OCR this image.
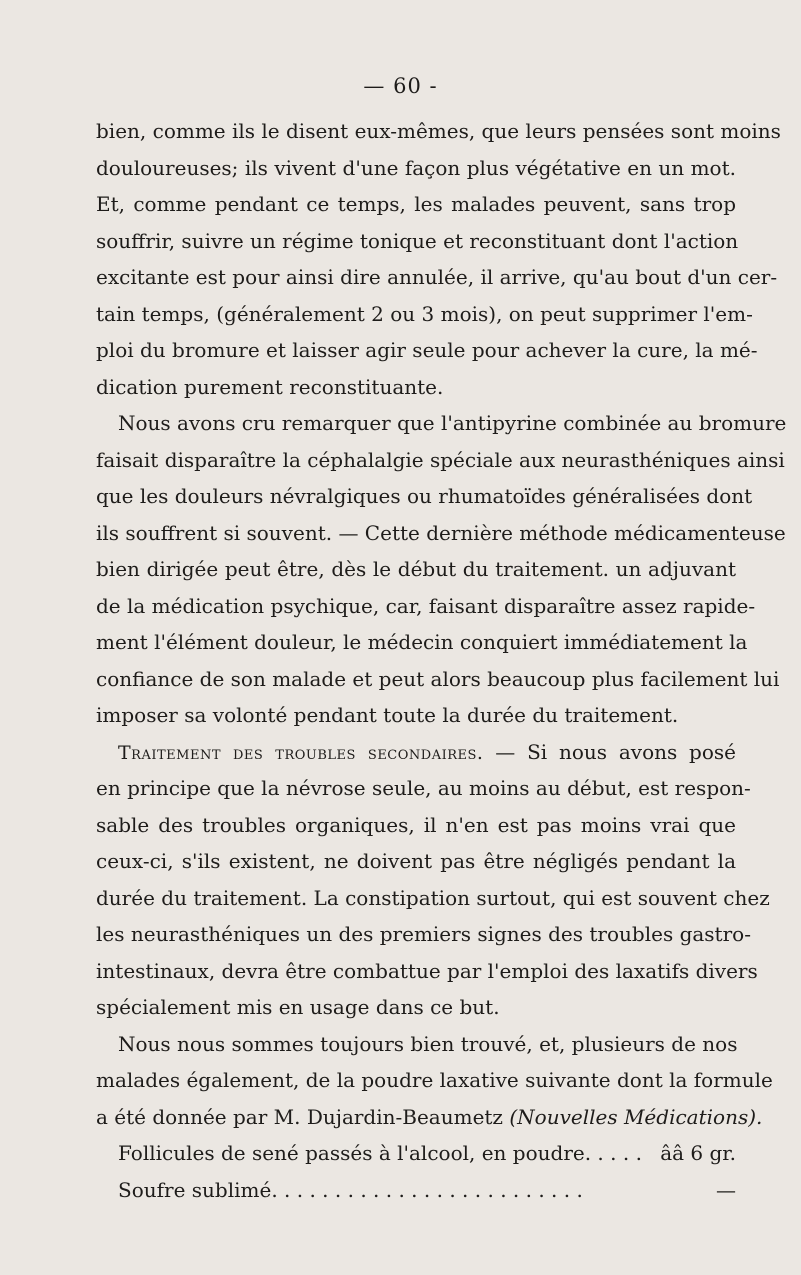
— 60 -
bien, comme ils le disent eux-mêmes, que leurs pensées sont moins
douloureuses; ils vivent d'une façon plus végétative en un mot.
Et, comme pendant ce temps, les malades peuvent, sans trop
souffrir, suivre un régime tonique et reconstituant dont l'action
excitante est pour ainsi dire annulée, il arrive, qu'au bout d'un cer-
tain temps, (généralement 2 ou 3 mois), on peut supprimer l'em-
ploi du bromure et laisser agir seule pour achever la cure, la mé-
dication purement reconstituante.
Nous avons cru remarquer que l'antipyrine combinée au bromure
faisait disparaître la céphalalgie spéciale aux neurasthéniques ainsi
que les douleurs névralgiques ou rhumatoïdes généralisées dont
ils souffrent si souvent. — Cette dernière méthode médicamenteuse
bien dirigée peut être, dès le début du traitement. un adjuvant
de la médication psychique, car, faisant disparaître assez rapide-
ment l'élément douleur, le médecin conquiert immédiatement la
confiance de son malade et peut alors beaucoup plus facilement lui
imposer sa volonté pendant toute la durée du traitement.
Traitement des troubles secondaires. — Si nous avons posé
en principe que la névrose seule, au moins au début, est respon-
sable des troubles organiques, il n'en est pas moins vrai que
ceux-ci, s'ils existent, ne doivent pas être négligés pendant la
durée du traitement. La constipation surtout, qui est souvent chez
les neurasthéniques un des premiers signes des troubles gastro-
intestinaux, devra être combattue par l'emploi des laxatifs divers
spécialement mis en usage dans ce but.
Nous nous sommes toujours bien trouvé, et, plusieurs de nos
malades également, de la poudre laxative suivante dont la formule
a été donnée par M. Dujardin-Beaumetz (Nouvelles Médications).
Follicules de sené passés à l'alcool, en poudre. . . . . ââ 6 gr.
Soufre sublimé. . . . . . . . . . . . . . . . . . . . . . . . .	—
